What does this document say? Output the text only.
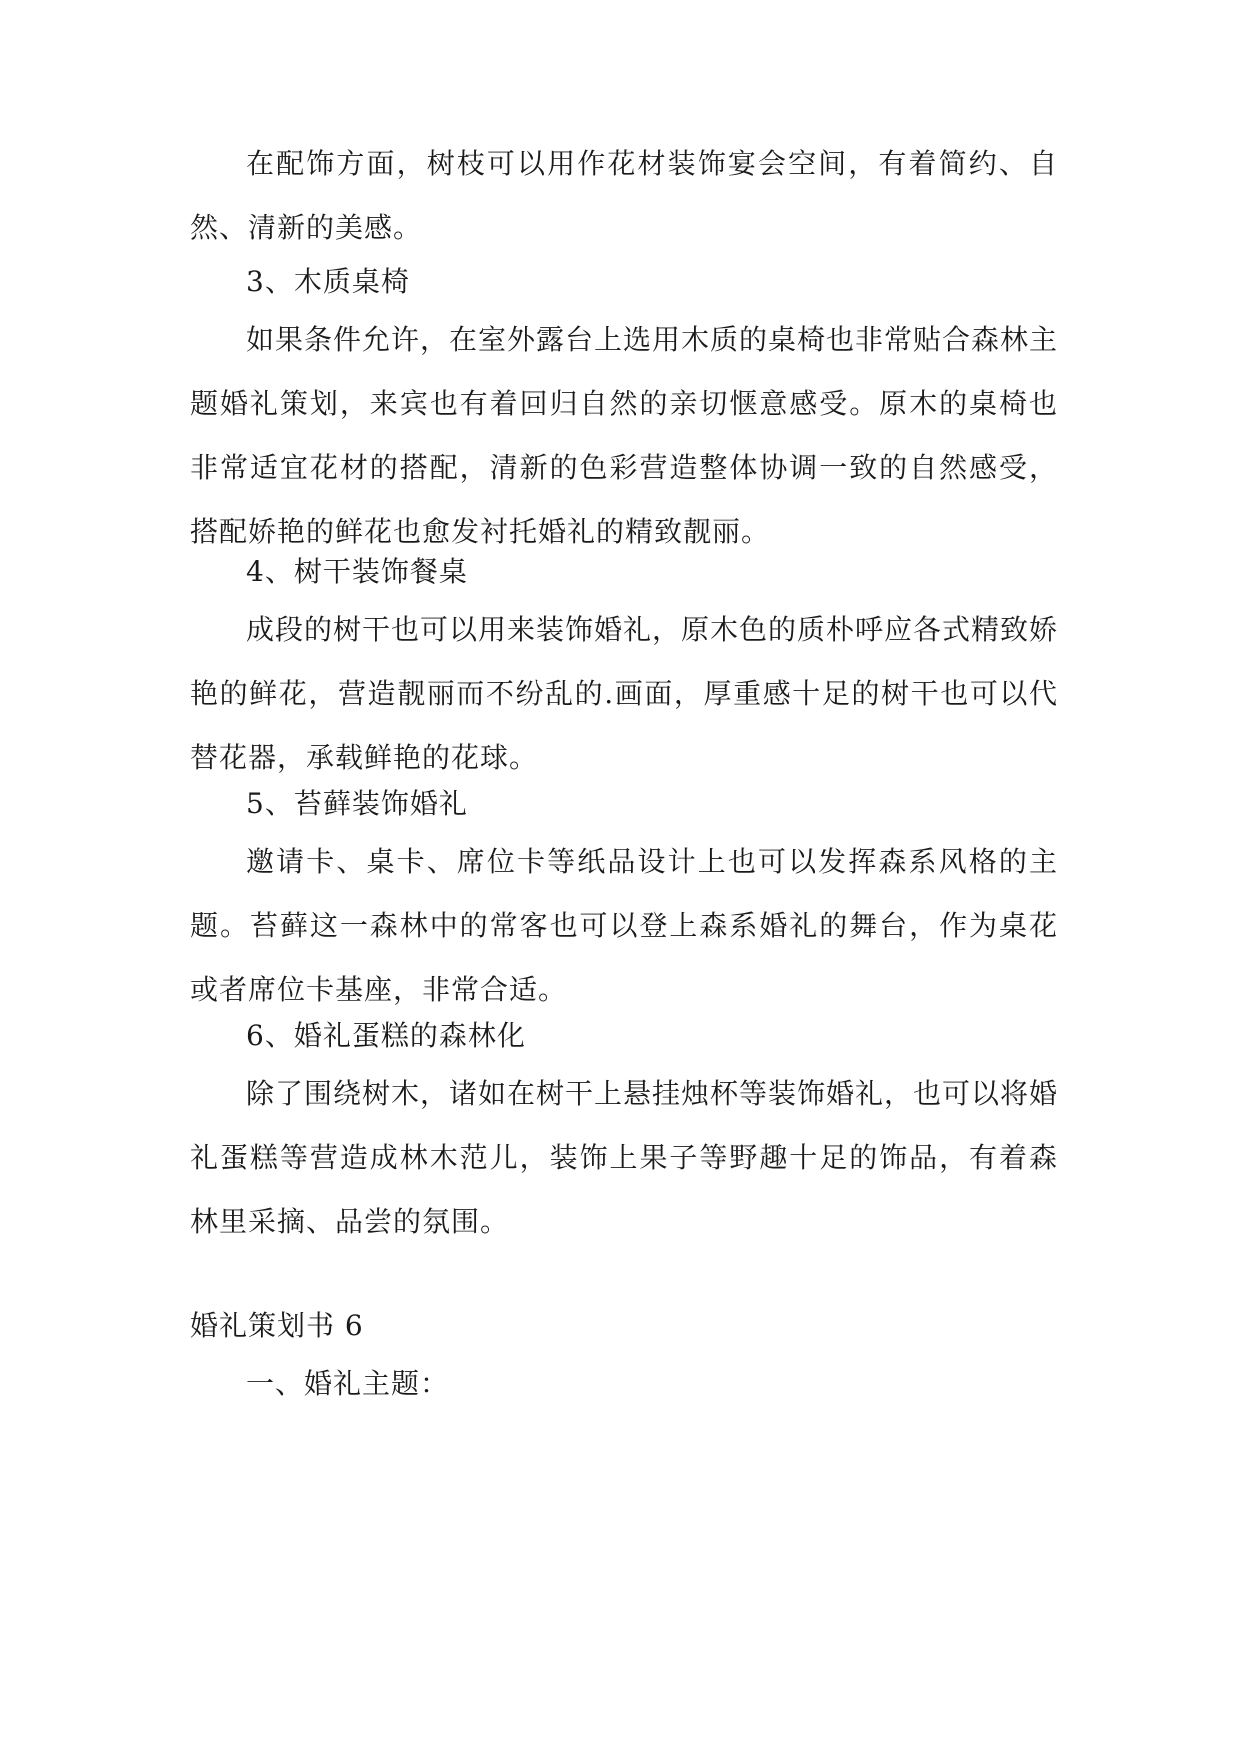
在配饰方面，树枝可以用作花材装饰宴会空间，有着简约、自然、清新的美感。

3、木质桌椅

如果条件允许，在室外露台上选用木质的桌椅也非常贴合森林主题婚礼策划，来宾也有着回归自然的亲切惬意感受。原木的桌椅也非常适宜花材的搭配，清新的色彩营造整体协调一致的自然感受，搭配娇艳的鲜花也愈发衬托婚礼的精致靓丽。

4、树干装饰餐桌

成段的树干也可以用来装饰婚礼，原木色的质朴呼应各式精致娇艳的鲜花，营造靓丽而不纷乱的.画面，厚重感十足的树干也可以代替花器，承载鲜艳的花球。

5、苔藓装饰婚礼

邀请卡、桌卡、席位卡等纸品设计上也可以发挥森系风格的主题。苔藓这一森林中的常客也可以登上森系婚礼的舞台，作为桌花或者席位卡基座，非常合适。

6、婚礼蛋糕的森林化

除了围绕树木，诸如在树干上悬挂烛杯等装饰婚礼，也可以将婚礼蛋糕等营造成林木范儿，装饰上果子等野趣十足的饰品，有着森林里采摘、品尝的氛围。

婚礼策划书 6

一、婚礼主题：
